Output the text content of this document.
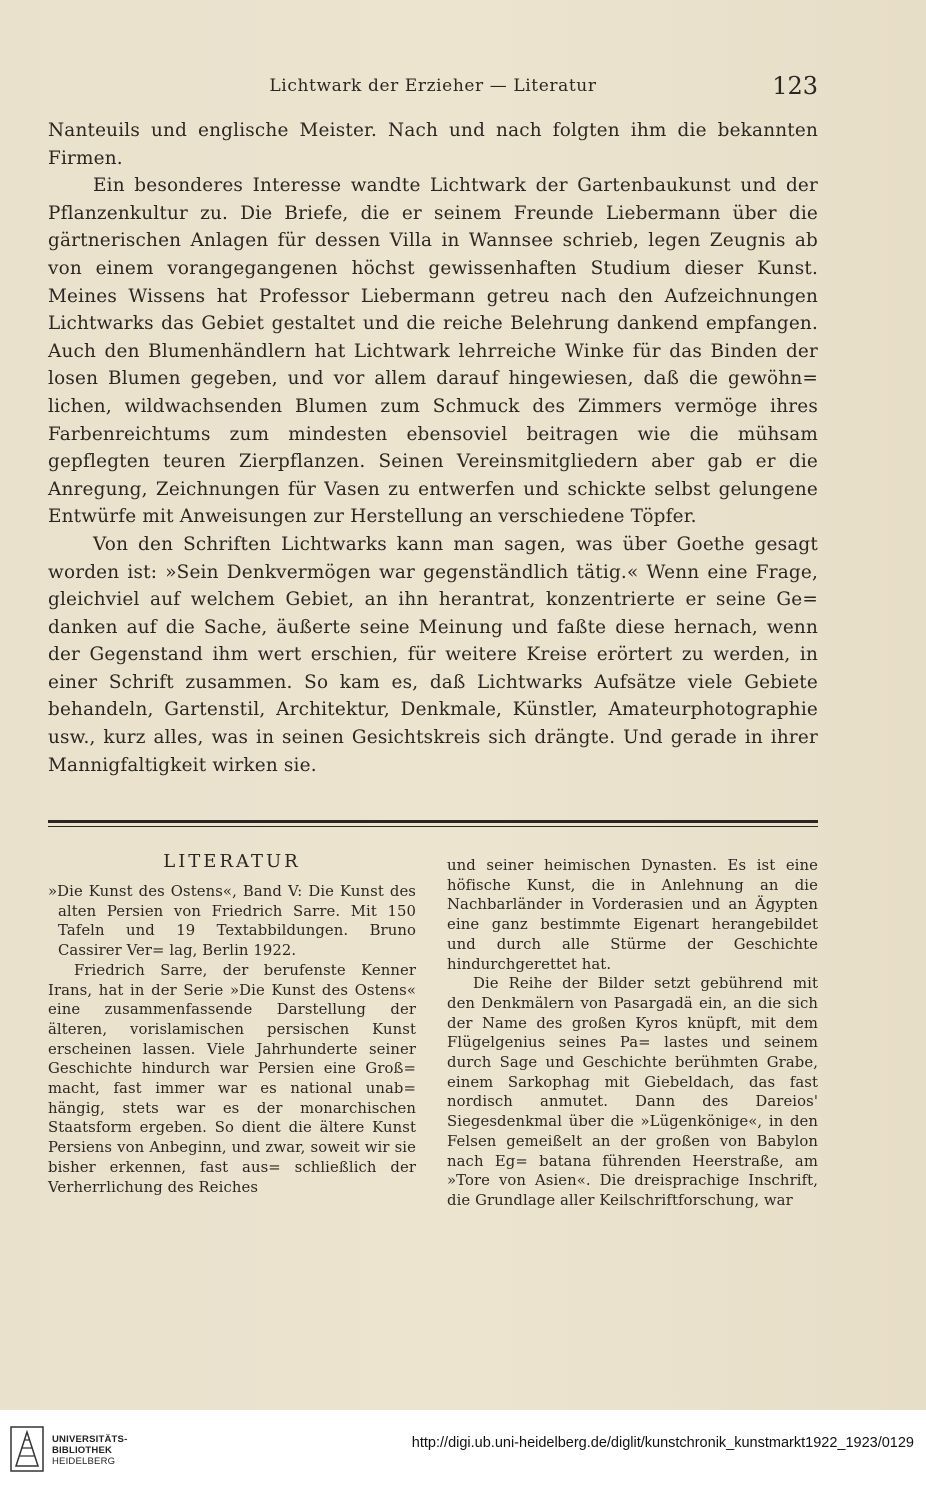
Lichtwark der Erzieher — Literatur	123

Nanteuils und englische Meister. Nach und nach folgten ihm die bekannten Firmen.

Ein besonderes Interesse wandte Lichtwark der Gartenbaukunst und der Pflanzenkultur zu. Die Briefe, die er seinem Freunde Liebermann über die gärtnerischen Anlagen für dessen Villa in Wannsee schrieb, legen Zeugnis ab von einem vorangegangenen höchst gewissenhaften Studium dieser Kunst. Meines Wissens hat Professor Liebermann getreu nach den Aufzeichnungen Lichtwarks das Gebiet gestaltet und die reiche Belehrung dankend empfangen. Auch den Blumenhändlern hat Lichtwark lehrreiche Winke für das Binden der losen Blumen gegeben, und vor allem darauf hingewiesen, daß die gewöhn= lichen, wildwachsenden Blumen zum Schmuck des Zimmers vermöge ihres Farbenreichtums zum mindesten ebensoviel beitragen wie die mühsam gepflegten teuren Zierpflanzen. Seinen Vereinsmitgliedern aber gab er die Anregung, Zeichnungen für Vasen zu entwerfen und schickte selbst gelungene Entwürfe mit Anweisungen zur Herstellung an verschiedene Töpfer.

Von den Schriften Lichtwarks kann man sagen, was über Goethe gesagt worden ist: »Sein Denkvermögen war gegenständlich tätig.« Wenn eine Frage, gleichviel auf welchem Gebiet, an ihn herantrat, konzentrierte er seine Ge= danken auf die Sache, äußerte seine Meinung und faßte diese hernach, wenn der Gegenstand ihm wert erschien, für weitere Kreise erörtert zu werden, in einer Schrift zusammen. So kam es, daß Lichtwarks Aufsätze viele Gebiete behandeln, Gartenstil, Architektur, Denkmale, Künstler, Amateurphotographie usw., kurz alles, was in seinen Gesichtskreis sich drängte. Und gerade in ihrer Mannigfaltigkeit wirken sie.

LITERATUR

»Die Kunst des Ostens«, Band V: Die Kunst des alten Persien von Friedrich Sarre. Mit 150 Tafeln und 19 Textabbildungen. Bruno Cassirer Ver= lag, Berlin 1922.

Friedrich Sarre, der berufenste Kenner Irans, hat in der Serie »Die Kunst des Ostens« eine zusammenfassende Darstellung der älteren, vorislamischen persischen Kunst erscheinen lassen. Viele Jahrhunderte seiner Geschichte hindurch war Persien eine Groß= macht, fast immer war es national unab= hängig, stets war es der monarchischen Staatsform ergeben. So dient die ältere Kunst Persiens von Anbeginn, und zwar, soweit wir sie bisher erkennen, fast aus= schließlich der Verherrlichung des Reiches

und seiner heimischen Dynasten. Es ist eine höfische Kunst, die in Anlehnung an die Nachbarländer in Vorderasien und an Ägypten eine ganz bestimmte Eigenart herangebildet und durch alle Stürme der Geschichte hindurchgerettet hat.

Die Reihe der Bilder setzt gebührend mit den Denkmälern von Pasargadä ein, an die sich der Name des großen Kyros knüpft, mit dem Flügelgenius seines Pa= lastes und seinem durch Sage und Geschichte berühmten Grabe, einem Sarkophag mit Giebeldach, das fast nordisch anmutet. Dann des Dareios' Siegesdenkmal über die »Lügenkönige«, in den Felsen gemeißelt an der großen von Babylon nach Eg= batana führenden Heerstraße, am »Tore von Asien«. Die dreisprachige Inschrift, die Grundlage aller Keilschriftforschung, war

UNIVERSITÄTS-
BIBLIOTHEK
HEIDELBERG
http://digi.ub.uni-heidelberg.de/diglit/kunstchronik_kunstmarkt1922_1923/0129
